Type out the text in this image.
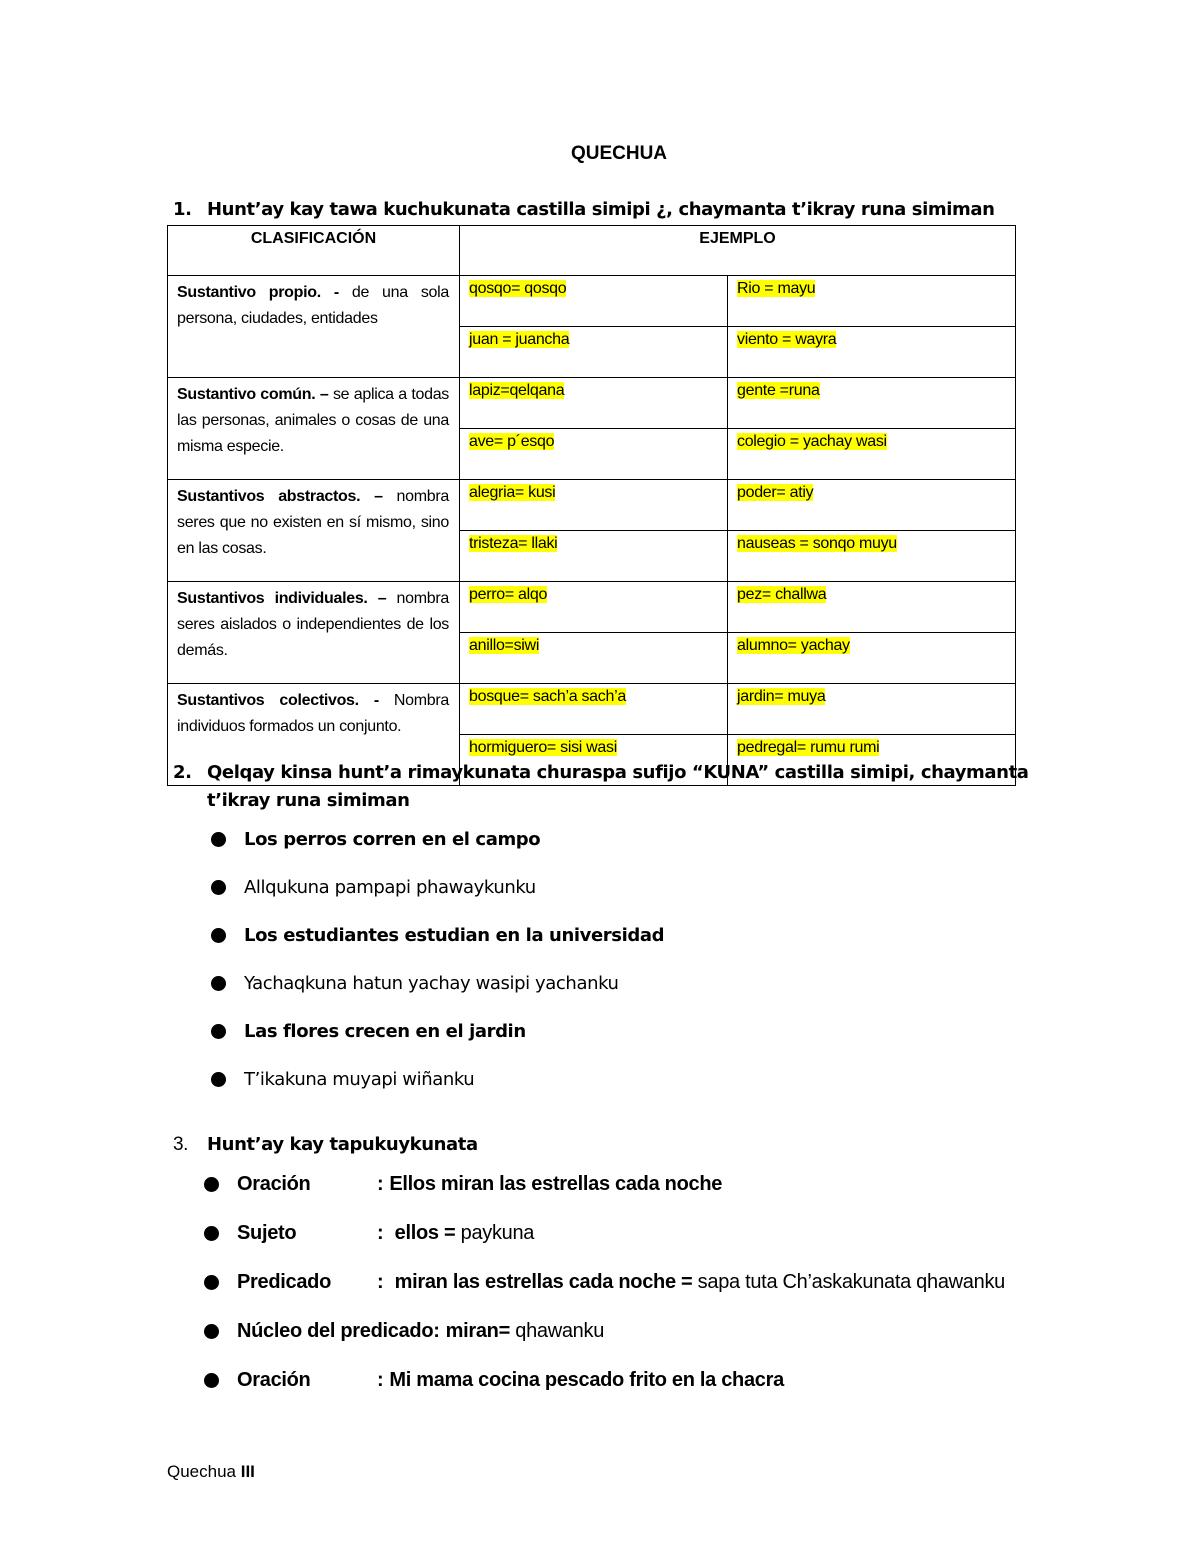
QUECHUA
1. Hunt’ay kay tawa kuchukunata castilla simipi ¿, chaymanta t’ikray runa simiman
CLASIFICACIÓN	EJEMPLO	
Sustantivo propio. - de una sola persona, ciudades, entidades	qosqo= qosqo	Rio = mayu
	juan = juancha	viento = wayra
Sustantivo común. – se aplica a todas las personas, animales o cosas de una misma especie.	lapiz=qelqana	gente =runa
	ave= p´esqo	colegio = yachay wasi
Sustantivos abstractos. – nombra seres que no existen en sí mismo, sino en las cosas.	alegria= kusi	poder= atiy
	tristeza= llaki	nauseas = sonqo muyu
Sustantivos individuales. – nombra seres aislados o independientes de los demás.	perro= alqo	pez= challwa
	anillo=siwi	alumno= yachay
Sustantivos colectivos. - Nombra individuos formados un conjunto.	bosque= sach’a sach’a	jardin= muya
	hormiguero= sisi wasi	pedregal= rumu rumi
2. Qelqay kinsa hunt’a rimaykunata churaspa sufijo “KUNA” castilla simipi, chaymanta
t’ikray runa simiman
Los perros corren en el campo
Allqukuna pampapi phawaykunku
Los estudiantes estudian en la universidad
Yachaqkuna hatun yachay wasipi yachanku
Las flores crecen en el jardin
T’ikakuna muyapi wiñanku
3. Hunt’ay kay tapukuykunata
Oración	: Ellos miran las estrellas cada noche
Sujeto	: ellos = paykuna
Predicado	: miran las estrellas cada noche = sapa tuta Ch’askakunata qhawanku
Núcleo del predicado: miran= qhawanku
Oración	: Mi mama cocina pescado frito en la chacra
Quechua III
